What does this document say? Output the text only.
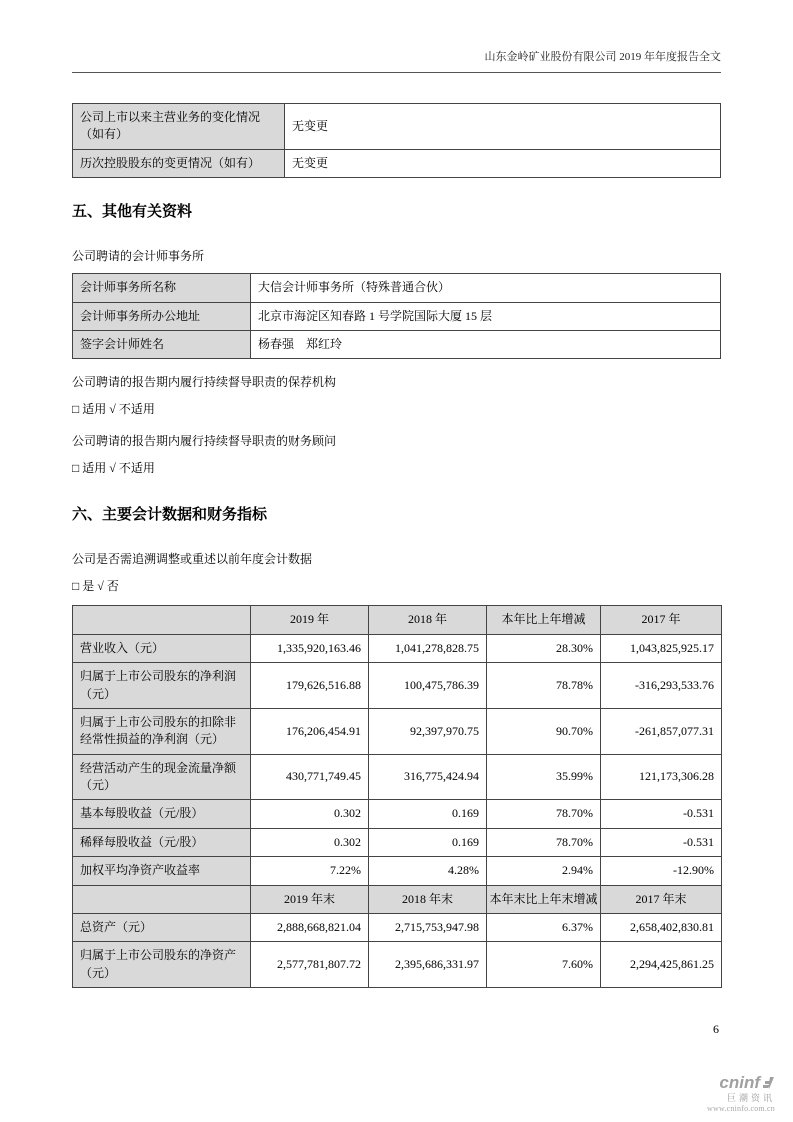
山东金岭矿业股份有限公司 2019 年年度报告全文
公司上市以来主营业务的变化情况（如有）	无变更
历次控股股东的变更情况（如有）	无变更
五、其他有关资料

公司聘请的会计师事务所

会计师事务所名称	大信会计师事务所（特殊普通合伙）
会计师事务所办公地址	北京市海淀区知春路 1 号学院国际大厦 15 层
签字会计师姓名	杨春强　郑红玲

公司聘请的报告期内履行持续督导职责的保荐机构

□ 适用 √ 不适用

公司聘请的报告期内履行持续督导职责的财务顾问

□ 适用 √ 不适用

六、主要会计数据和财务指标

公司是否需追溯调整或重述以前年度会计数据

□ 是 √ 否

	2019 年	2018 年	本年比上年增减	2017 年
营业收入（元）	1,335,920,163.46	1,041,278,828.75	28.30%	1,043,825,925.17
归属于上市公司股东的净利润（元）	179,626,516.88	100,475,786.39	78.78%	-316,293,533.76
归属于上市公司股东的扣除非经常性损益的净利润（元）	176,206,454.91	92,397,970.75	90.70%	-261,857,077.31
经营活动产生的现金流量净额（元）	430,771,749.45	316,775,424.94	35.99%	121,173,306.28
基本每股收益（元/股）	0.302	0.169	78.70%	-0.531
稀释每股收益（元/股）	0.302	0.169	78.70%	-0.531
加权平均净资产收益率	7.22%	4.28%	2.94%	-12.90%
	2019 年末	2018 年末	本年末比上年末增减	2017 年末
总资产（元）	2,888,668,821.04	2,715,753,947.98	6.37%	2,658,402,830.81
归属于上市公司股东的净资产（元）	2,577,781,807.72	2,395,686,331.97	7.60%	2,294,425,861.25
6
cninf
巨潮资讯
www.cninfo.com.cn
